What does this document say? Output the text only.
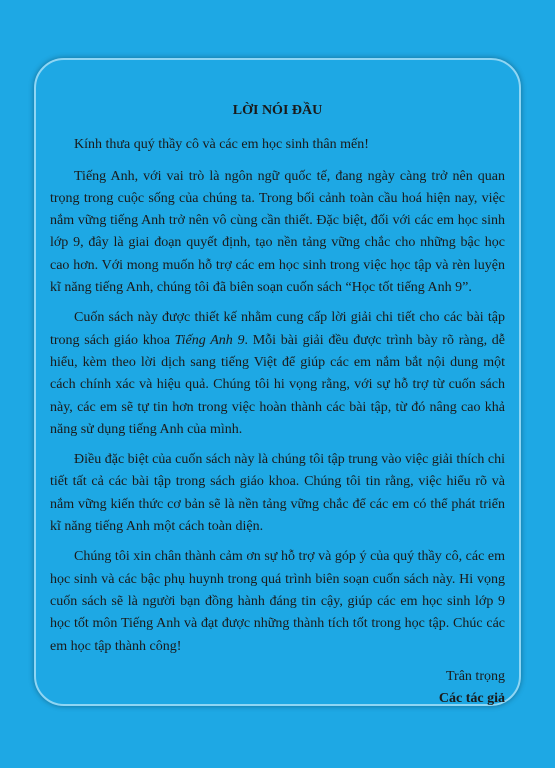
LỜI NÓI ĐẦU

Kính thưa quý thầy cô và các em học sinh thân mến!

Tiếng Anh, với vai trò là ngôn ngữ quốc tế, đang ngày càng trở nên quan trọng trong cuộc sống của chúng ta. Trong bối cảnh toàn cầu hoá hiện nay, việc nắm vững tiếng Anh trở nên vô cùng cần thiết. Đặc biệt, đối với các em học sinh lớp 9, đây là giai đoạn quyết định, tạo nền tảng vững chắc cho những bậc học cao hơn. Với mong muốn hỗ trợ các em học sinh trong việc học tập và rèn luyện kĩ năng tiếng Anh, chúng tôi đã biên soạn cuốn sách “Học tốt tiếng Anh 9”.

Cuốn sách này được thiết kế nhằm cung cấp lời giải chi tiết cho các bài tập trong sách giáo khoa Tiếng Anh 9. Mỗi bài giải đều được trình bày rõ ràng, dễ hiểu, kèm theo lời dịch sang tiếng Việt để giúp các em nắm bắt nội dung một cách chính xác và hiệu quả. Chúng tôi hi vọng rằng, với sự hỗ trợ từ cuốn sách này, các em sẽ tự tin hơn trong việc hoàn thành các bài tập, từ đó nâng cao khả năng sử dụng tiếng Anh của mình.

Điều đặc biệt của cuốn sách này là chúng tôi tập trung vào việc giải thích chi tiết tất cả các bài tập trong sách giáo khoa. Chúng tôi tin rằng, việc hiểu rõ và nắm vững kiến thức cơ bản sẽ là nền tảng vững chắc để các em có thể phát triển kĩ năng tiếng Anh một cách toàn diện.

Chúng tôi xin chân thành cảm ơn sự hỗ trợ và góp ý của quý thầy cô, các em học sinh và các bậc phụ huynh trong quá trình biên soạn cuốn sách này. Hi vọng cuốn sách sẽ là người bạn đồng hành đáng tin cậy, giúp các em học sinh lớp 9 học tốt môn Tiếng Anh và đạt được những thành tích tốt trong học tập. Chúc các em học tập thành công!

Trân trọng

Các tác giả
